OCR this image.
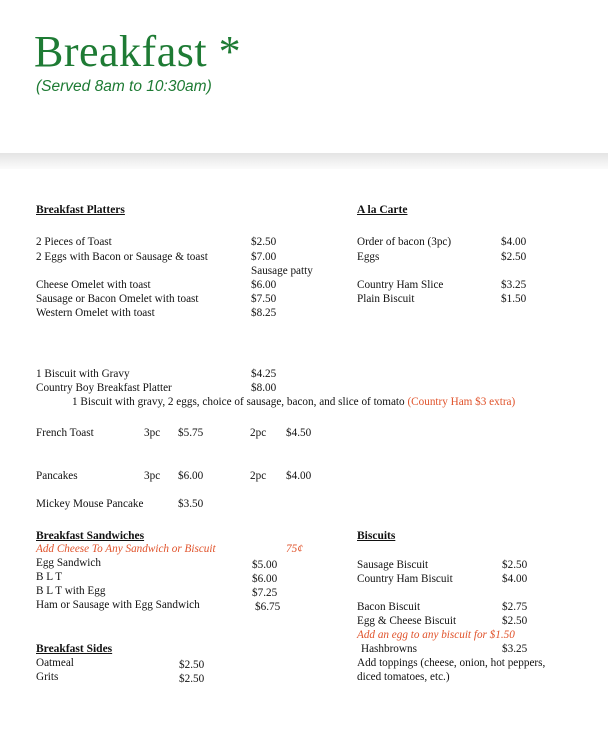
Breakfast *
(Served 8am to 10:30am)
Breakfast Platters
2 Pieces of Toast	$2.50
2 Eggs with Bacon or Sausage & toast	$7.00
Sausage patty
Cheese Omelet with toast	$6.00
Sausage or Bacon Omelet with toast	$7.50
Western Omelet with toast	$8.25
A la Carte
Order of bacon (3pc)	$4.00
Eggs	$2.50
Country Ham Slice	$3.25
Plain Biscuit	$1.50
1 Biscuit with Gravy	$4.25
Country Boy Breakfast Platter	$8.00
1 Biscuit with gravy, 2 eggs, choice of sausage, bacon, and slice of tomato (Country Ham $3 extra)
French Toast	3pc $5.75	2pc $4.50
Pancakes	3pc $6.00	2pc $4.00
Mickey Mouse Pancake	$3.50
Breakfast Sandwiches
Add Cheese To Any Sandwich or Biscuit	75¢
Egg Sandwich	$5.00
B L T	$6.00
B L T with Egg	$7.25
Ham or Sausage with Egg Sandwich	$6.75
Biscuits
Sausage Biscuit	$2.50
Country Ham Biscuit	$4.00
Bacon Biscuit	$2.75
Egg & Cheese Biscuit	$2.50
Add an egg to any biscuit for $1.50
Hashbrowns	$3.25
Add toppings (cheese, onion, hot peppers,
diced tomatoes, etc.)
Breakfast Sides
Oatmeal	$2.50
Grits	$2.50
